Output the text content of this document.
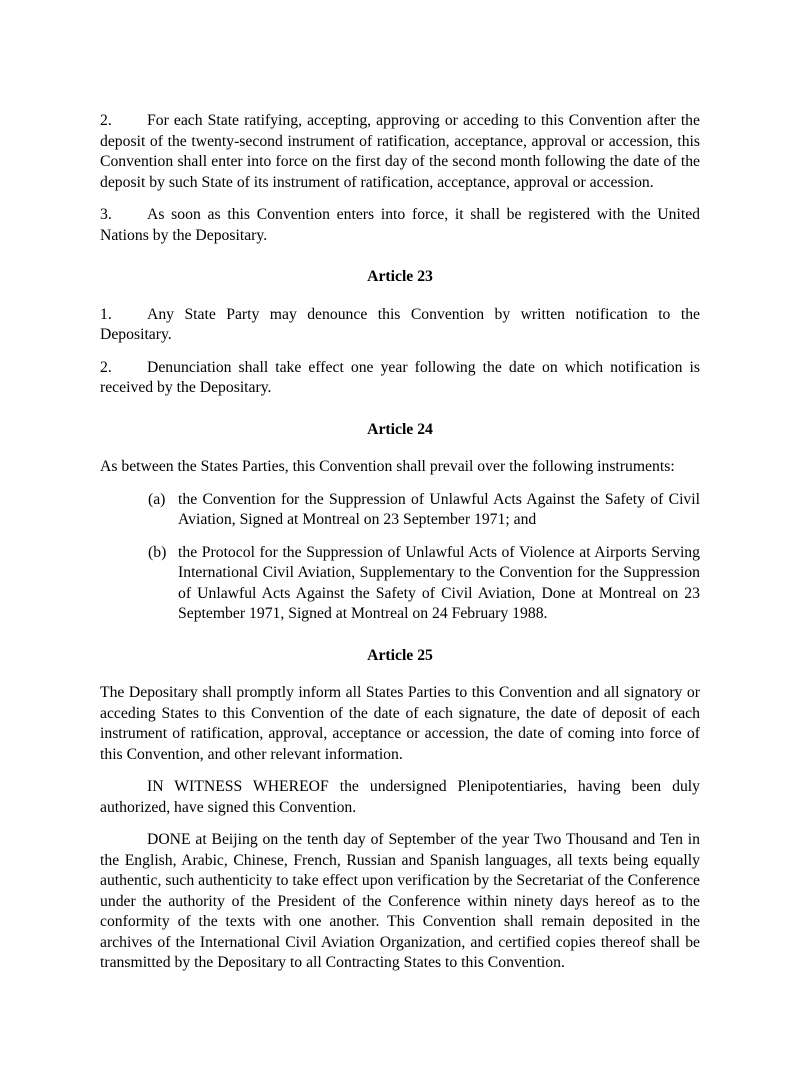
2. For each State ratifying, accepting, approving or acceding to this Convention after the deposit of the twenty-second instrument of ratification, acceptance, approval or accession, this Convention shall enter into force on the first day of the second month following the date of the deposit by such State of its instrument of ratification, acceptance, approval or accession.

3. As soon as this Convention enters into force, it shall be registered with the United Nations by the Depositary.

Article 23

1. Any State Party may denounce this Convention by written notification to the Depositary.

2. Denunciation shall take effect one year following the date on which notification is received by the Depositary.

Article 24

As between the States Parties, this Convention shall prevail over the following instruments:

(a) the Convention for the Suppression of Unlawful Acts Against the Safety of Civil Aviation, Signed at Montreal on 23 September 1971; and
(b) the Protocol for the Suppression of Unlawful Acts of Violence at Airports Serving International Civil Aviation, Supplementary to the Convention for the Suppression of Unlawful Acts Against the Safety of Civil Aviation, Done at Montreal on 23 September 1971, Signed at Montreal on 24 February 1988.

Article 25

The Depositary shall promptly inform all States Parties to this Convention and all signatory or acceding States to this Convention of the date of each signature, the date of deposit of each instrument of ratification, approval, acceptance or accession, the date of coming into force of this Convention, and other relevant information.

IN WITNESS WHEREOF the undersigned Plenipotentiaries, having been duly authorized, have signed this Convention.

DONE at Beijing on the tenth day of September of the year Two Thousand and Ten in the English, Arabic, Chinese, French, Russian and Spanish languages, all texts being equally authentic, such authenticity to take effect upon verification by the Secretariat of the Conference under the authority of the President of the Conference within ninety days hereof as to the conformity of the texts with one another. This Convention shall remain deposited in the archives of the International Civil Aviation Organization, and certified copies thereof shall be transmitted by the Depositary to all Contracting States to this Convention.
